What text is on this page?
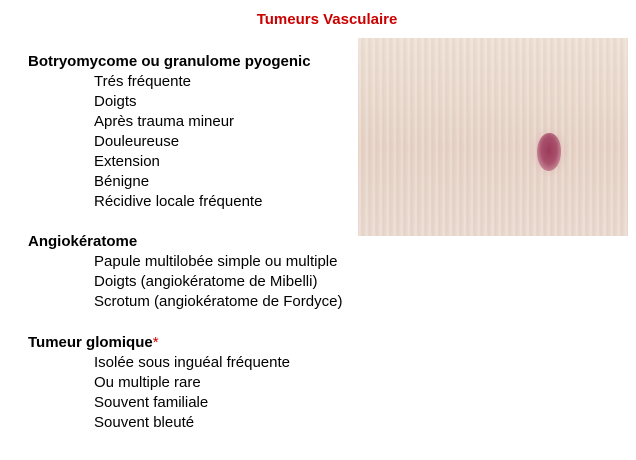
Tumeurs Vasculaire
Botryomycome ou granulome pyogenic
Trés fréquente
Doigts
Après trauma mineur
Douleureuse
Extension
Bénigne
Récidive locale fréquente
Angiokératome
Papule multilobée simple ou multiple
Doigts (angiokératome de Mibelli)
Scrotum (angiokératome de Fordyce)
Tumeur glomique*
Isolée sous inguéal fréquente
Ou multiple rare
Souvent familiale
Souvent bleuté
